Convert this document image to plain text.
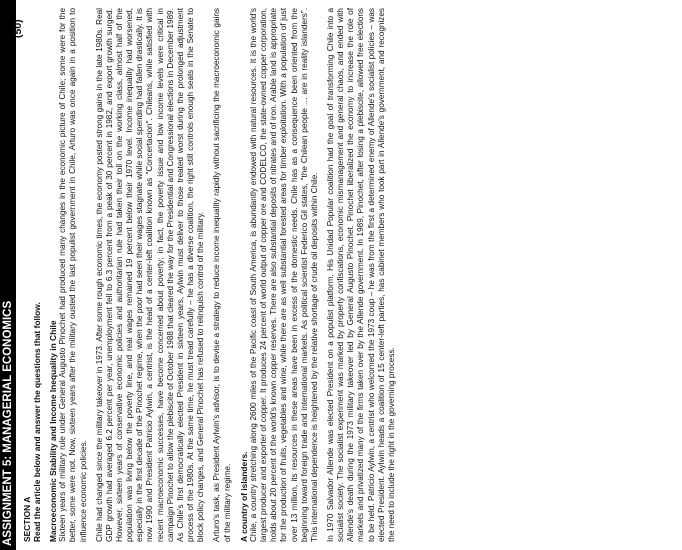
ASSIGNMENT 5: MANAGERIAL ECONOMICS
(50)
SECTION A Read the article below and answer the questions that follow. Macroeconomic Stability and Income Inequality in Chile Sixteen years of military rule under General Augusto Pinochet had produced many changes in the economic picture of Chile; some were for the better, some were not. Now, sixteen years after the military ousted the last populist government in Chile, Arturo was once again in a position to influence economic policies. Chile had changed since the military takeover in 1973. After some rough economic times, the economy posted strong gains in the late 1980s. Real GDP growth had averaged 6.2 percent per year, unemployment fell to 6.3 percent from a peak of 30 percent in 1982, and export growth surged. However, sixteen years of conservative economic policies and authoritarian rule had taken their toll on the working class, almost half of the population was living below the poverty line, and real wages remained 19 percent below their 1970 level. Income inequality had worsened, especially in the first decade of the Pinochet regime, when the poor had seen their wages stagnate while social spending had fallen drastically. It is now 1990 and President Patricio Aylwin, a centrist, is the head of a center-left coalition known as "Concertacion". Chileans, while satisfied with recent macroeconomic successes, have become concerned about poverty; in fact, the poverty issue and low income levels were critical in campaign Pinochet to allow the plebiscite of October 1988 that cleared the way for the Presidential and Congressional elections in December 1989. As Chile's first democratically elected President in sixteen years, Aylwin must deliver to those treated worst during the prolonged adjustment process of the 1980s. At the same time, he must tread carefully – he has a diverse coalition, the right still controls enough seats in the Senate to block policy changes, and General Pinochet has refused to relinquish control of the military. Arturo's task, as President Aylwin's advisor, is to devise a strategy to reduce income inequality rapidly without sacrificing the macroeconomic gains of the military regime. A country of islanders. Chile, a country stretching along 2600 miles of the Pacific coast of South America, is abundantly endowed with natural resources. It is the world's largest producer and exporter of copper. It produces 24 percent of world output of copper ore and CODELCO, the state-owned copper corporation, holds about 20 percent of the world's known copper reserves. There are also substantial deposits of nitrates and of iron. Arable land is appropriate for the production of fruits, vegetables and wine, while there are as well substantial forested areas for timber exploitation. With a population of just over 13 million, its resources in these areas have been in excess of the domestic needs. Chile has as a consequence been oriented from the beginning toward foreign trade and international markets. As political scientist Federico Gil states, "the Chilean people … are in reality islanders". This international dependence is heightened by the relative shortage of crude oil deposits within Chile. In 1970 Salvador Allende was elected President on a populist platform. His Unidad Popular coalition had the goal of transforming Chile into a socialist society. The socialist experiment was marked by property confiscations, economic mismanagement and general chaos, and ended with Allende's death during the 1973 military takeover led by General Augusto Pinochet. Pinochet liberalized the economy to increase the role of markets and privatized many of the firms taken over by the Allende government. In 1989, Pinochet, after losing a plebiscite, allowed free elections to be held. Patricio Aylwin, a centrist who welcomed the 1973 coup – he was from the first a determined enemy of Allende's socialist policies – was elected President. Aylwin heads a coalition of 15 center-left parties, has cabinet members who took part in Allende's government, and recognizes the need to include the right in the governing process.
